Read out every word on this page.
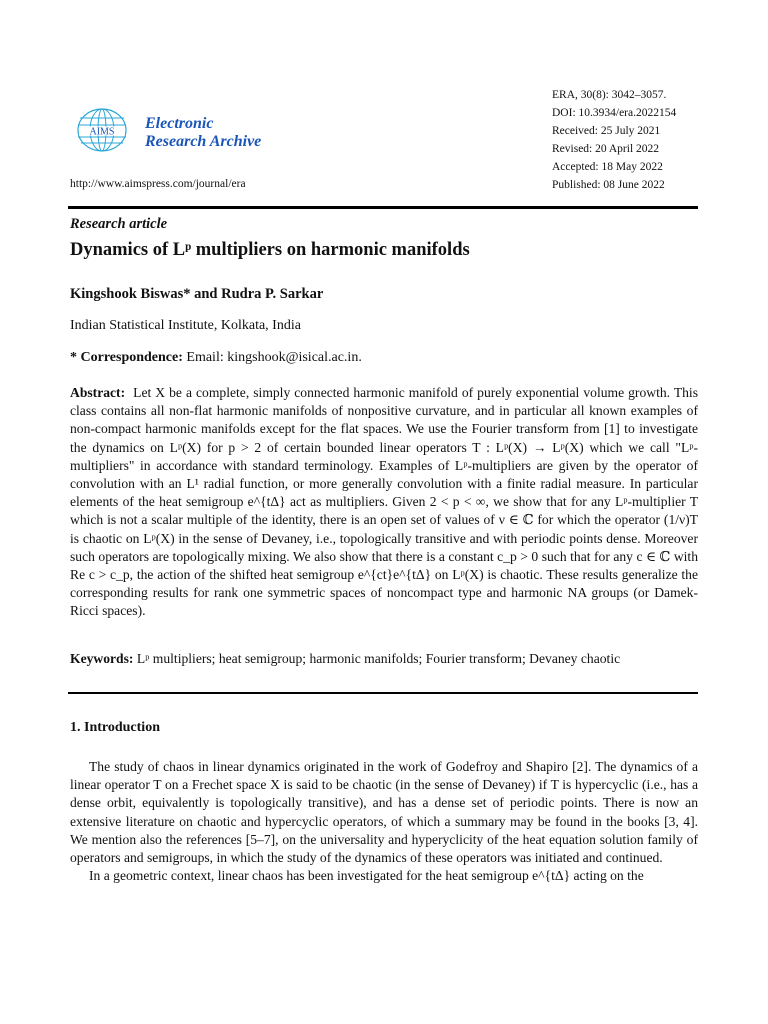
AIMS Electronic
Research Archive
http://www.aimspress.com/journal/era
ERA, 30(8): 3042–3057.
DOI: 10.3934/era.2022154
Received: 25 July 2021
Revised: 20 April 2022
Accepted: 18 May 2022
Published: 08 June 2022
Research article
Dynamics of Lᵖ multipliers on harmonic manifolds
Kingshook Biswas* and Rudra P. Sarkar
Indian Statistical Institute, Kolkata, India
* Correspondence: Email: kingshook@isical.ac.in.
Abstract: Let X be a complete, simply connected harmonic manifold of purely exponential volume growth. This class contains all non-flat harmonic manifolds of nonpositive curvature, and in particular all known examples of non-compact harmonic manifolds except for the flat spaces. We use the Fourier transform from [1] to investigate the dynamics on Lᵖ(X) for p > 2 of certain bounded linear operators T : Lᵖ(X) → Lᵖ(X) which we call "Lᵖ-multipliers" in accordance with standard terminology. Examples of Lᵖ-multipliers are given by the operator of convolution with an L¹ radial function, or more generally convolution with a finite radial measure. In particular elements of the heat semigroup e^{tΔ} act as multipliers. Given 2 < p < ∞, we show that for any Lᵖ-multiplier T which is not a scalar multiple of the identity, there is an open set of values of ν ∈ ℂ for which the operator (1/ν)T is chaotic on Lᵖ(X) in the sense of Devaney, i.e., topologically transitive and with periodic points dense. Moreover such operators are topologically mixing. We also show that there is a constant c_p > 0 such that for any c ∈ ℂ with Re c > c_p, the action of the shifted heat semigroup e^{ct}e^{tΔ} on Lᵖ(X) is chaotic. These results generalize the corresponding results for rank one symmetric spaces of noncompact type and harmonic NA groups (or Damek-Ricci spaces).
Keywords: Lᵖ multipliers; heat semigroup; harmonic manifolds; Fourier transform; Devaney chaotic
1. Introduction

The study of chaos in linear dynamics originated in the work of Godefroy and Shapiro [2]. The dynamics of a linear operator T on a Frechet space X is said to be chaotic (in the sense of Devaney) if T is hypercyclic (i.e., has a dense orbit, equivalently is topologically transitive), and has a dense set of periodic points. There is now an extensive literature on chaotic and hypercyclic operators, of which a summary may be found in the books [3, 4]. We mention also the references [5–7], on the universality and hyperyclicity of the heat equation solution family of operators and semigroups, in which the study of the dynamics of these operators was initiated and continued.

In a geometric context, linear chaos has been investigated for the heat semigroup e^{tΔ} acting on the
